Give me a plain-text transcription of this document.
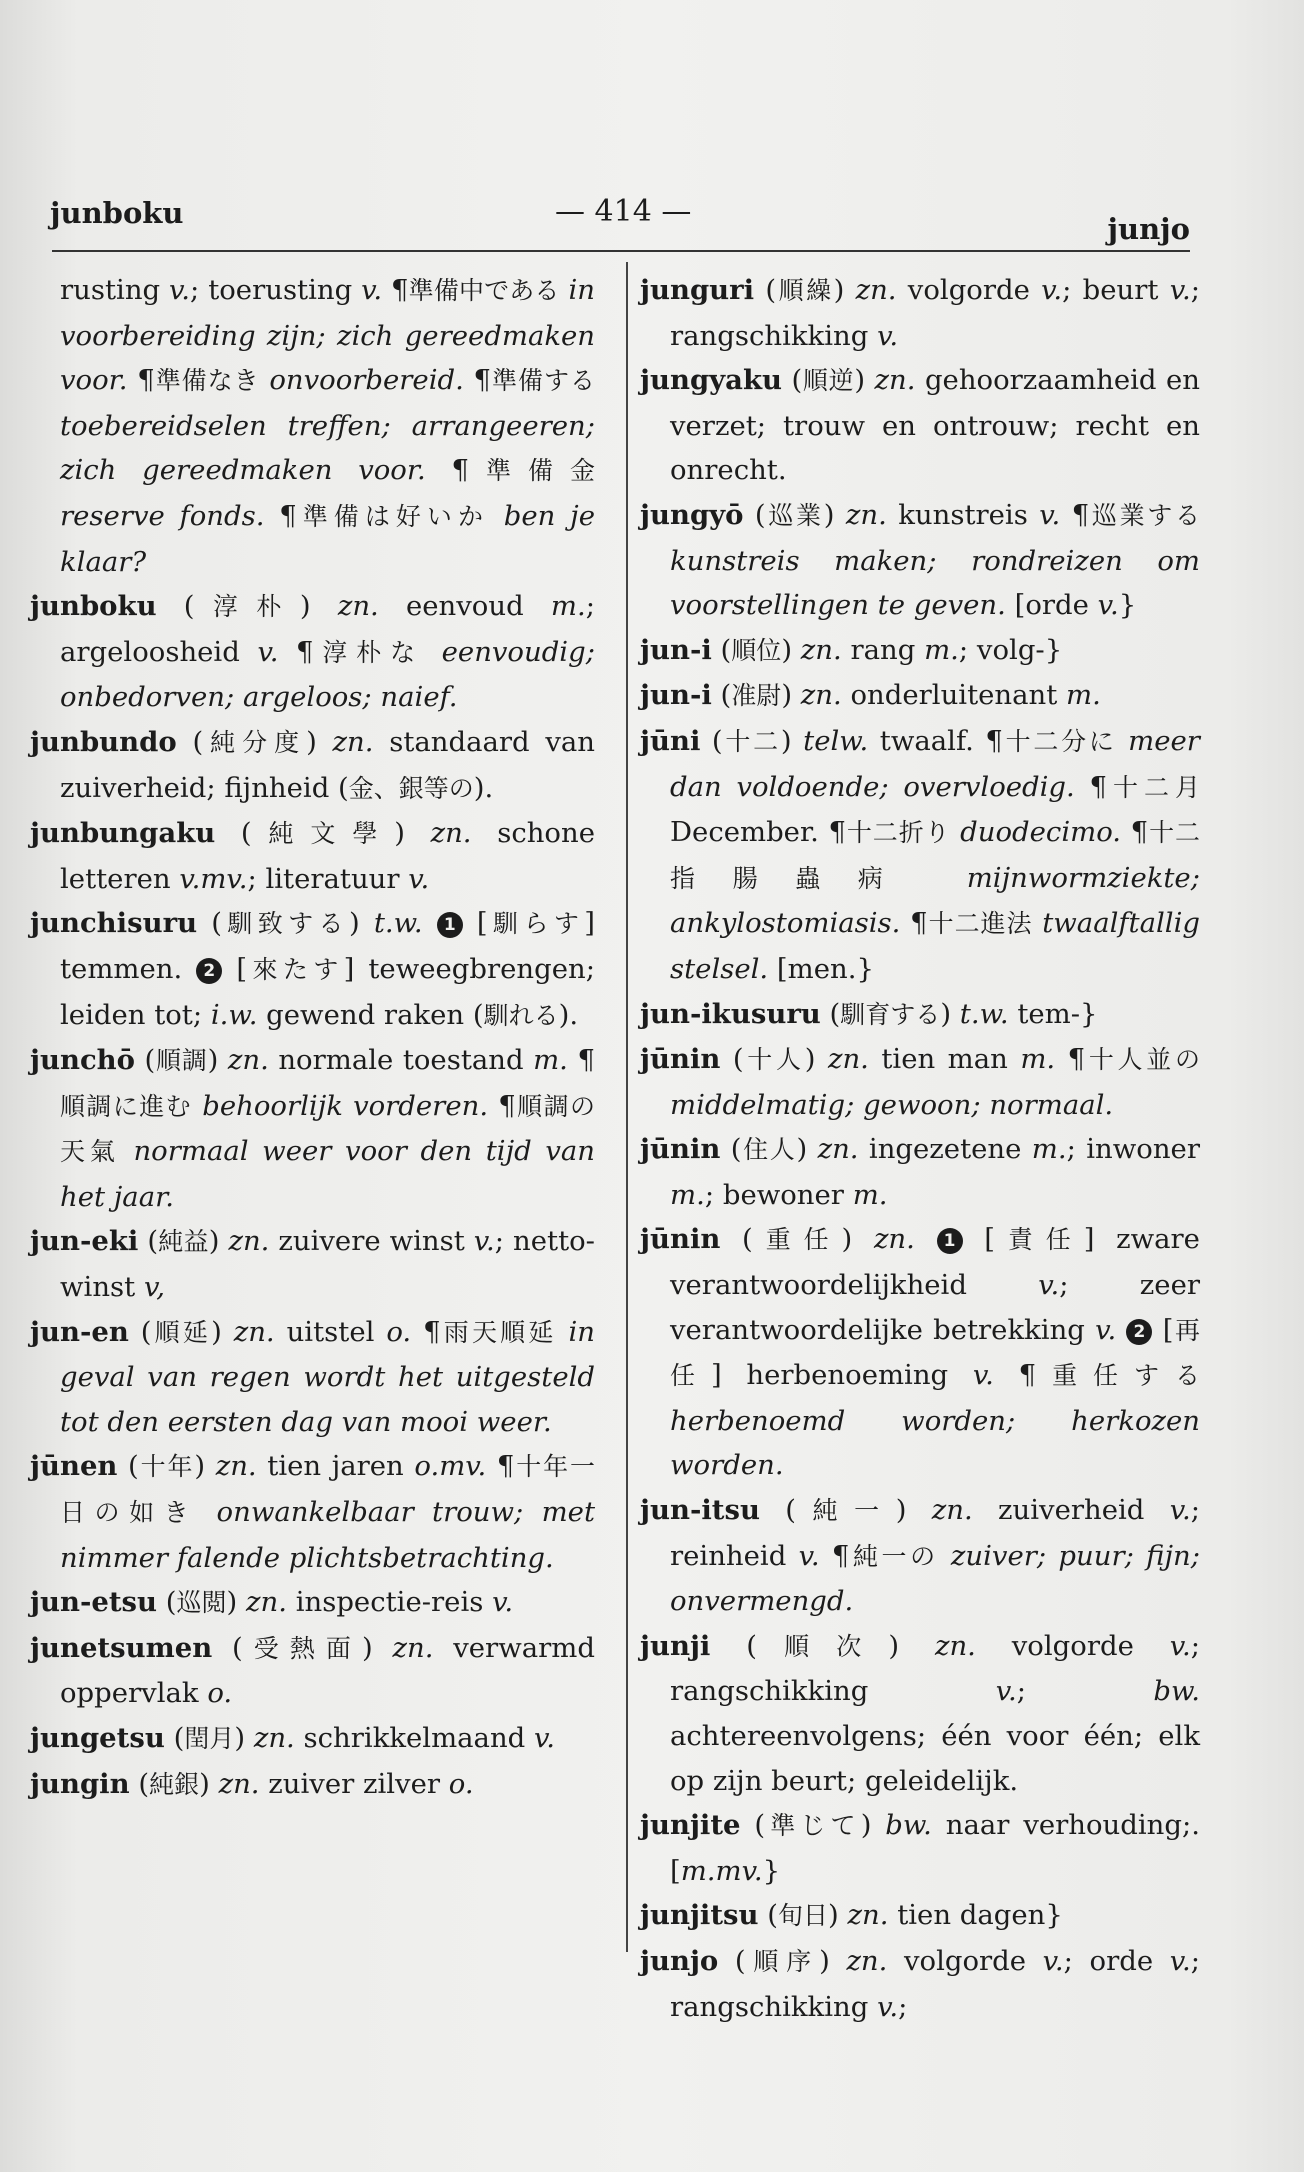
junboku	— 414 —	junjo

rusting v.; toerusting v. ¶準備中である in voorbereiding zijn; zich gereedmaken voor. ¶準備なき onvoorbereid. ¶準備する toebereidselen treffen; arrangeeren; zich gereedmaken voor. ¶準備金 reserve fonds. ¶準備は好いか ben je klaar?

junboku (淳朴) zn. eenvoud m.; argeloosheid v. ¶淳朴な eenvoudig; onbedorven; argeloos; naief.

junbundo (純分度) zn. standaard van zuiverheid; fijnheid (金、銀等の).

junbungaku (純文學) zn. schone letteren v.mv.; literatuur v.

junchisuru (馴致する) t.w. 1 [馴らす] temmen. 2 [來たす] teweegbrengen; leiden tot; i.w. gewend raken (馴れる).

junchō (順調) zn. normale toestand m. ¶順調に進む behoorlijk vorderen. ¶順調の天氣 normaal weer voor den tijd van het jaar.

jun-eki (純益) zn. zuivere winst v.; netto-winst v,

jun-en (順延) zn. uitstel o. ¶雨天順延 in geval van regen wordt het uitgesteld tot den eersten dag van mooi weer.

jūnen (十年) zn. tien jaren o.mv. ¶十年一日の如き onwankelbaar trouw; met nimmer falende plichtsbetrachting.

jun-etsu (巡閲) zn. inspectie-reis v.

junetsumen (受熱面) zn. verwarmd oppervlak o.

jungetsu (閏月) zn. schrikkelmaand v.

jungin (純銀) zn. zuiver zilver o.

junguri (順繰) zn. volgorde v.; beurt v.; rangschikking v.

jungyaku (順逆) zn. gehoorzaamheid en verzet; trouw en ontrouw; recht en onrecht.

jungyō (巡業) zn. kunstreis v. ¶巡業する kunstreis maken; rondreizen om voorstellingen te geven. [orde v.}

jun-i (順位) zn. rang m.; volg-}

jun-i (准尉) zn. onderluitenant m.

jūni (十二) telw. twaalf. ¶十二分に meer dan voldoende; overvloedig. ¶十二月 December. ¶十二折り duodecimo. ¶十二指腸蟲病 mijnwormziekte; ankylostomiasis. ¶十二進法 twaalftallig stelsel. [men.}

jun-ikusuru (馴育する) t.w. tem-}

jūnin (十人) zn. tien man m. ¶十人並の middelmatig; gewoon; normaal.

jūnin (住人) zn. ingezetene m.; inwoner m.; bewoner m.

jūnin (重任) zn. 1 [責任] zware verantwoordelijkheid v.; zeer verantwoordelijke betrekking v. 2 [再任] herbenoeming v. ¶重任する herbenoemd worden; herkozen worden.

jun-itsu (純一) zn. zuiverheid v.; reinheid v. ¶純一の zuiver; puur; fijn; onvermengd.

junji (順次) zn. volgorde v.; rangschikking v.; bw. achtereenvolgens; één voor één; elk op zijn beurt; geleidelijk.

junjite (準じて) bw. naar verhouding;. [m.mv.}

junjitsu (旬日) zn. tien dagen}

junjo (順序) zn. volgorde v.; orde v.; rangschikking v.;
